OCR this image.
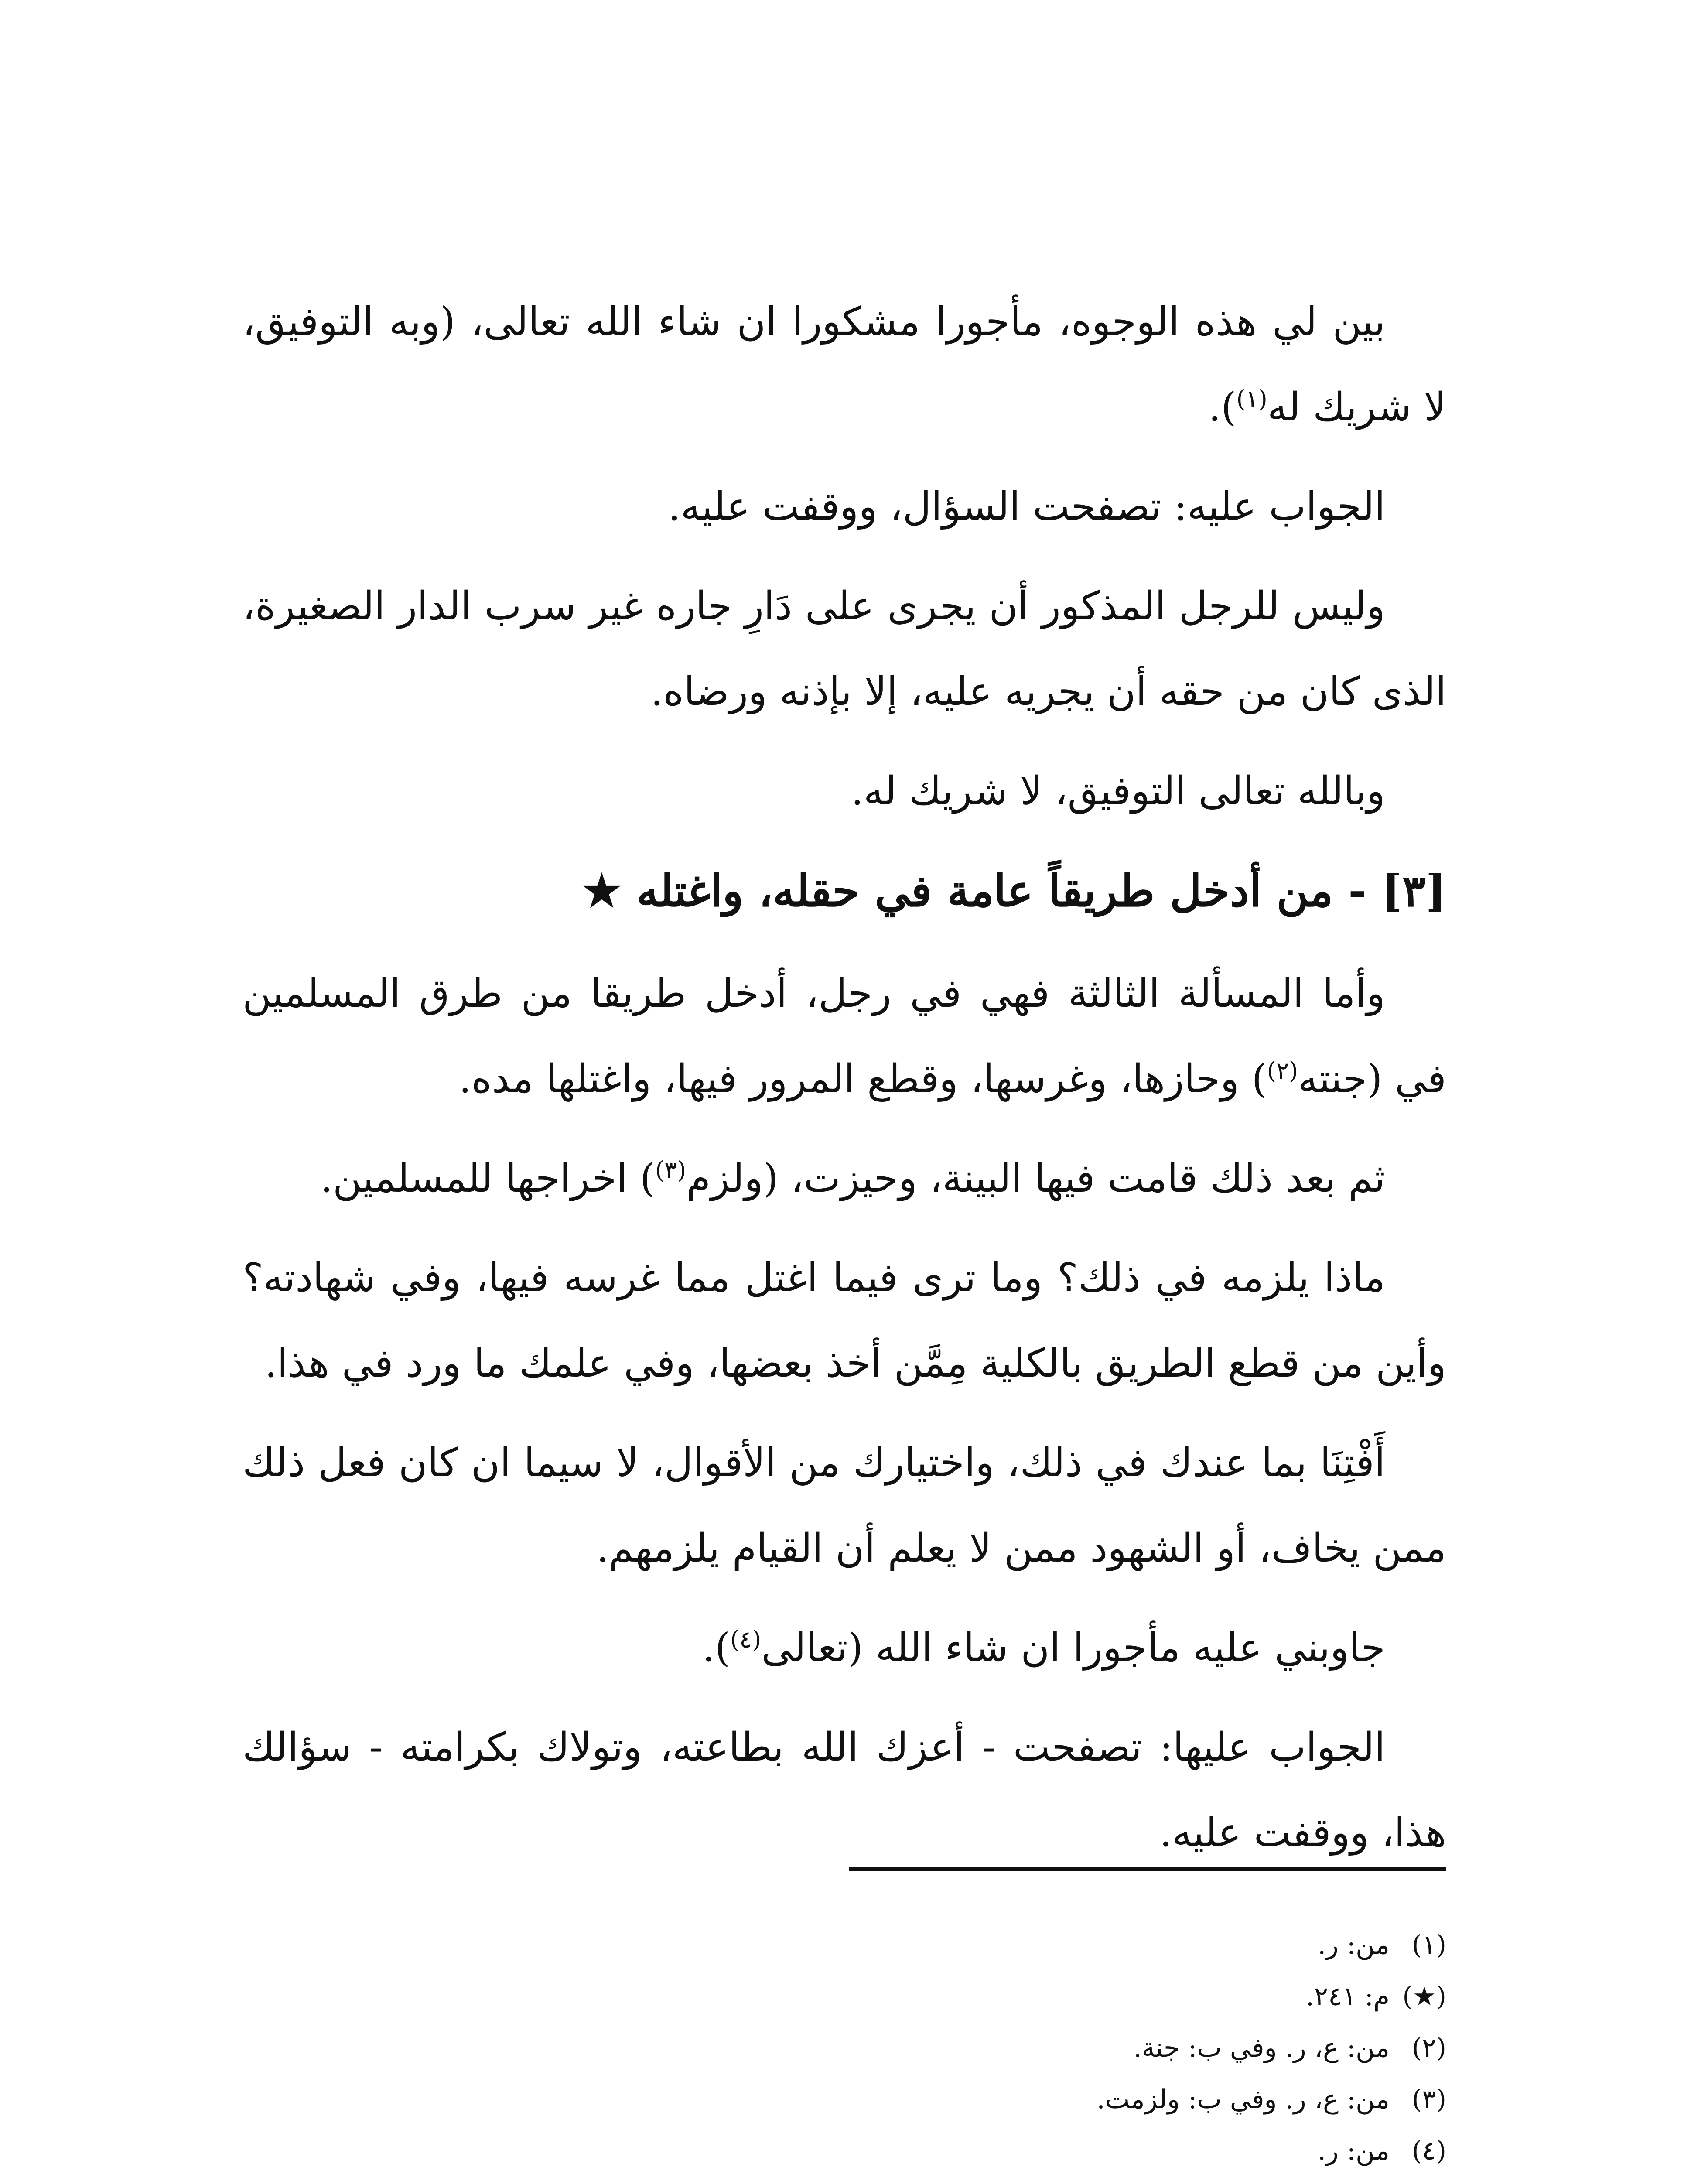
بين لي هذه الوجوه، مأجورا مشكورا ان شاء الله تعالى، (وبه التوفيق، لا شريك له$^{(١)}$).

الجواب عليه: تصفحت السؤال، ووقفت عليه.

وليس للرجل المذكور أن يجرى على دَارِ جاره غير سرب الدار الصغيرة، الذى كان من حقه أن يجريه عليه، إلا بإذنه ورضاه.

وبالله تعالى التوفيق، لا شريك له.

[٣] - من أدخل طريقاً عامة في حقله، واغتله ★

وأما المسألة الثالثة فهي في رجل، أدخل طريقا من طرق المسلمين في (جنته$^{(٢)}$) وحازها، وغرسها، وقطع المرور فيها، واغتلها مده.

ثم بعد ذلك قامت فيها البينة، وحيزت، (ولزم$^{(٣)}$) اخراجها للمسلمين.

ماذا يلزمه في ذلك؟ وما ترى فيما اغتل مما غرسه فيها، وفي شهادته؟ وأين من قطع الطريق بالكلية مِمَّن أخذ بعضها، وفي علمك ما ورد في هذا.

أَفْتِنَا بما عندك في ذلك، واختيارك من الأقوال، لا سيما ان كان فعل ذلك ممن يخاف، أو الشهود ممن لا يعلم أن القيام يلزمهم.

جاوبني عليه مأجورا ان شاء الله (تعالى$^{(٤)}$).

الجواب عليها: تصفحت - أعزك الله بطاعته، وتولاك بكرامته - سؤالك هذا، ووقفت عليه.

(١)من: ر.
(★)م: ٢٤١.
(٢)من: ع، ر. وفي ب: جنة.
(٣)من: ع، ر. وفي ب: ولزمت.
(٤)من: ر.
